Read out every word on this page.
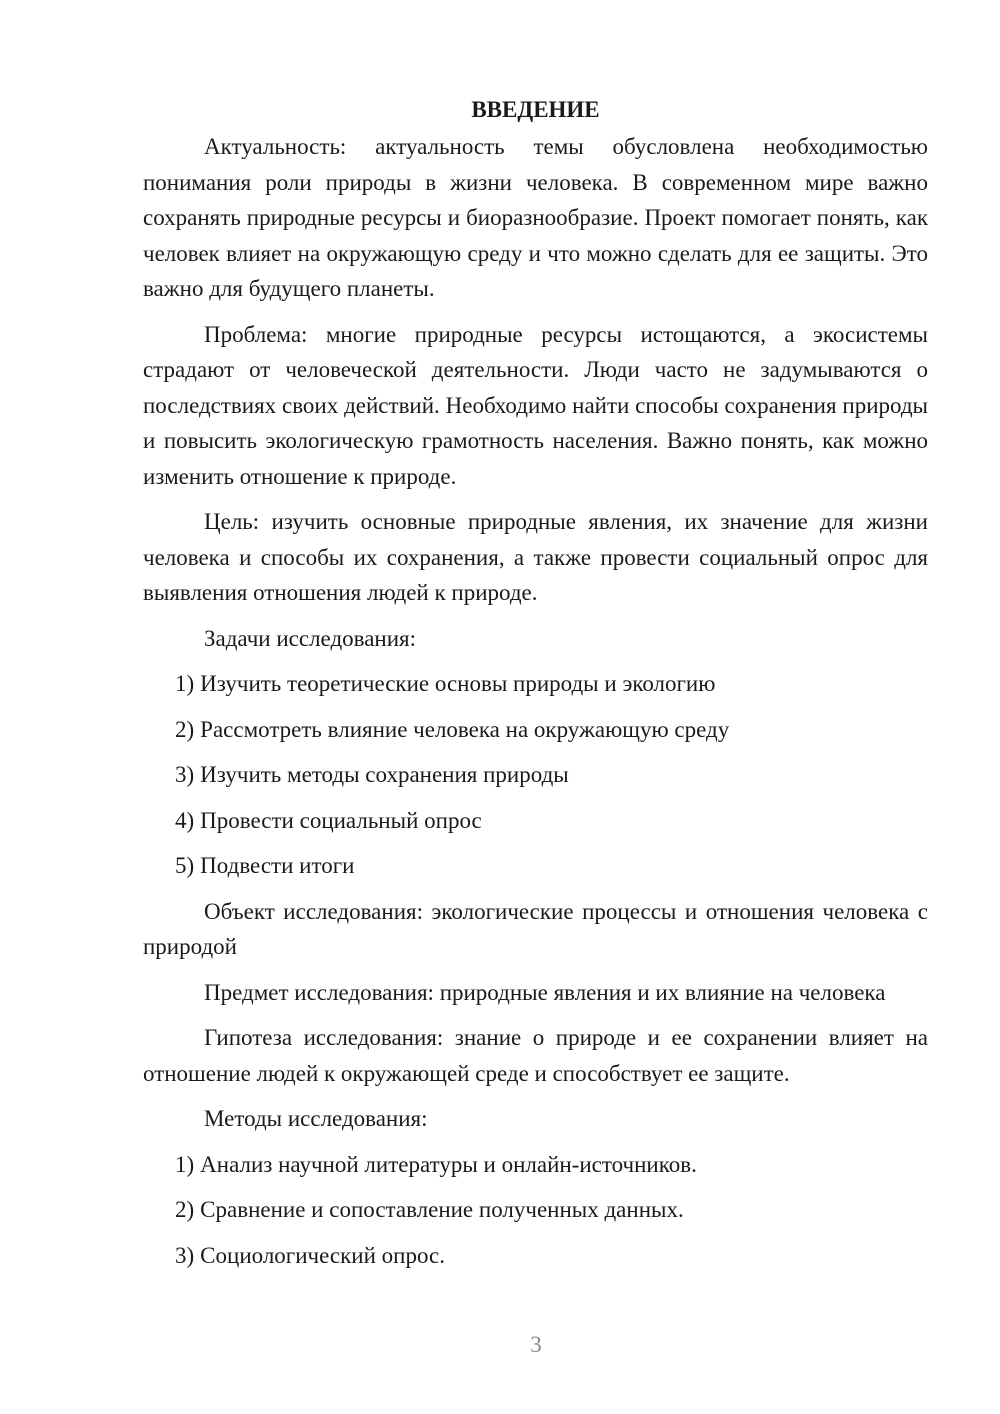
ВВЕДЕНИЕ

Актуальность: актуальность темы обусловлена необходимостью понимания роли природы в жизни человека. В современном мире важно сохранять природные ресурсы и биоразнообразие. Проект помогает понять, как человек влияет на окружающую среду и что можно сделать для ее защиты. Это важно для будущего планеты.

Проблема: многие природные ресурсы истощаются, а экосистемы страдают от человеческой деятельности. Люди часто не задумываются о последствиях своих действий. Необходимо найти способы сохранения природы и повысить экологическую грамотность населения. Важно понять, как можно изменить отношение к природе.

Цель: изучить основные природные явления, их значение для жизни человека и способы их сохранения, а также провести социальный опрос для выявления отношения людей к природе.

Задачи исследования:

1) Изучить теоретические основы природы и экологию
2) Рассмотреть влияние человека на окружающую среду
3) Изучить методы сохранения природы
4) Провести социальный опрос
5) Подвести итоги

Объект исследования: экологические процессы и отношения человека с природой

Предмет исследования: природные явления и их влияние на человека

Гипотеза исследования: знание о природе и ее сохранении влияет на отношение людей к окружающей среде и способствует ее защите.

Методы исследования:

1) Анализ научной литературы и онлайн-источников.
2) Сравнение и сопоставление полученных данных.
3) Социологический опрос.
3
